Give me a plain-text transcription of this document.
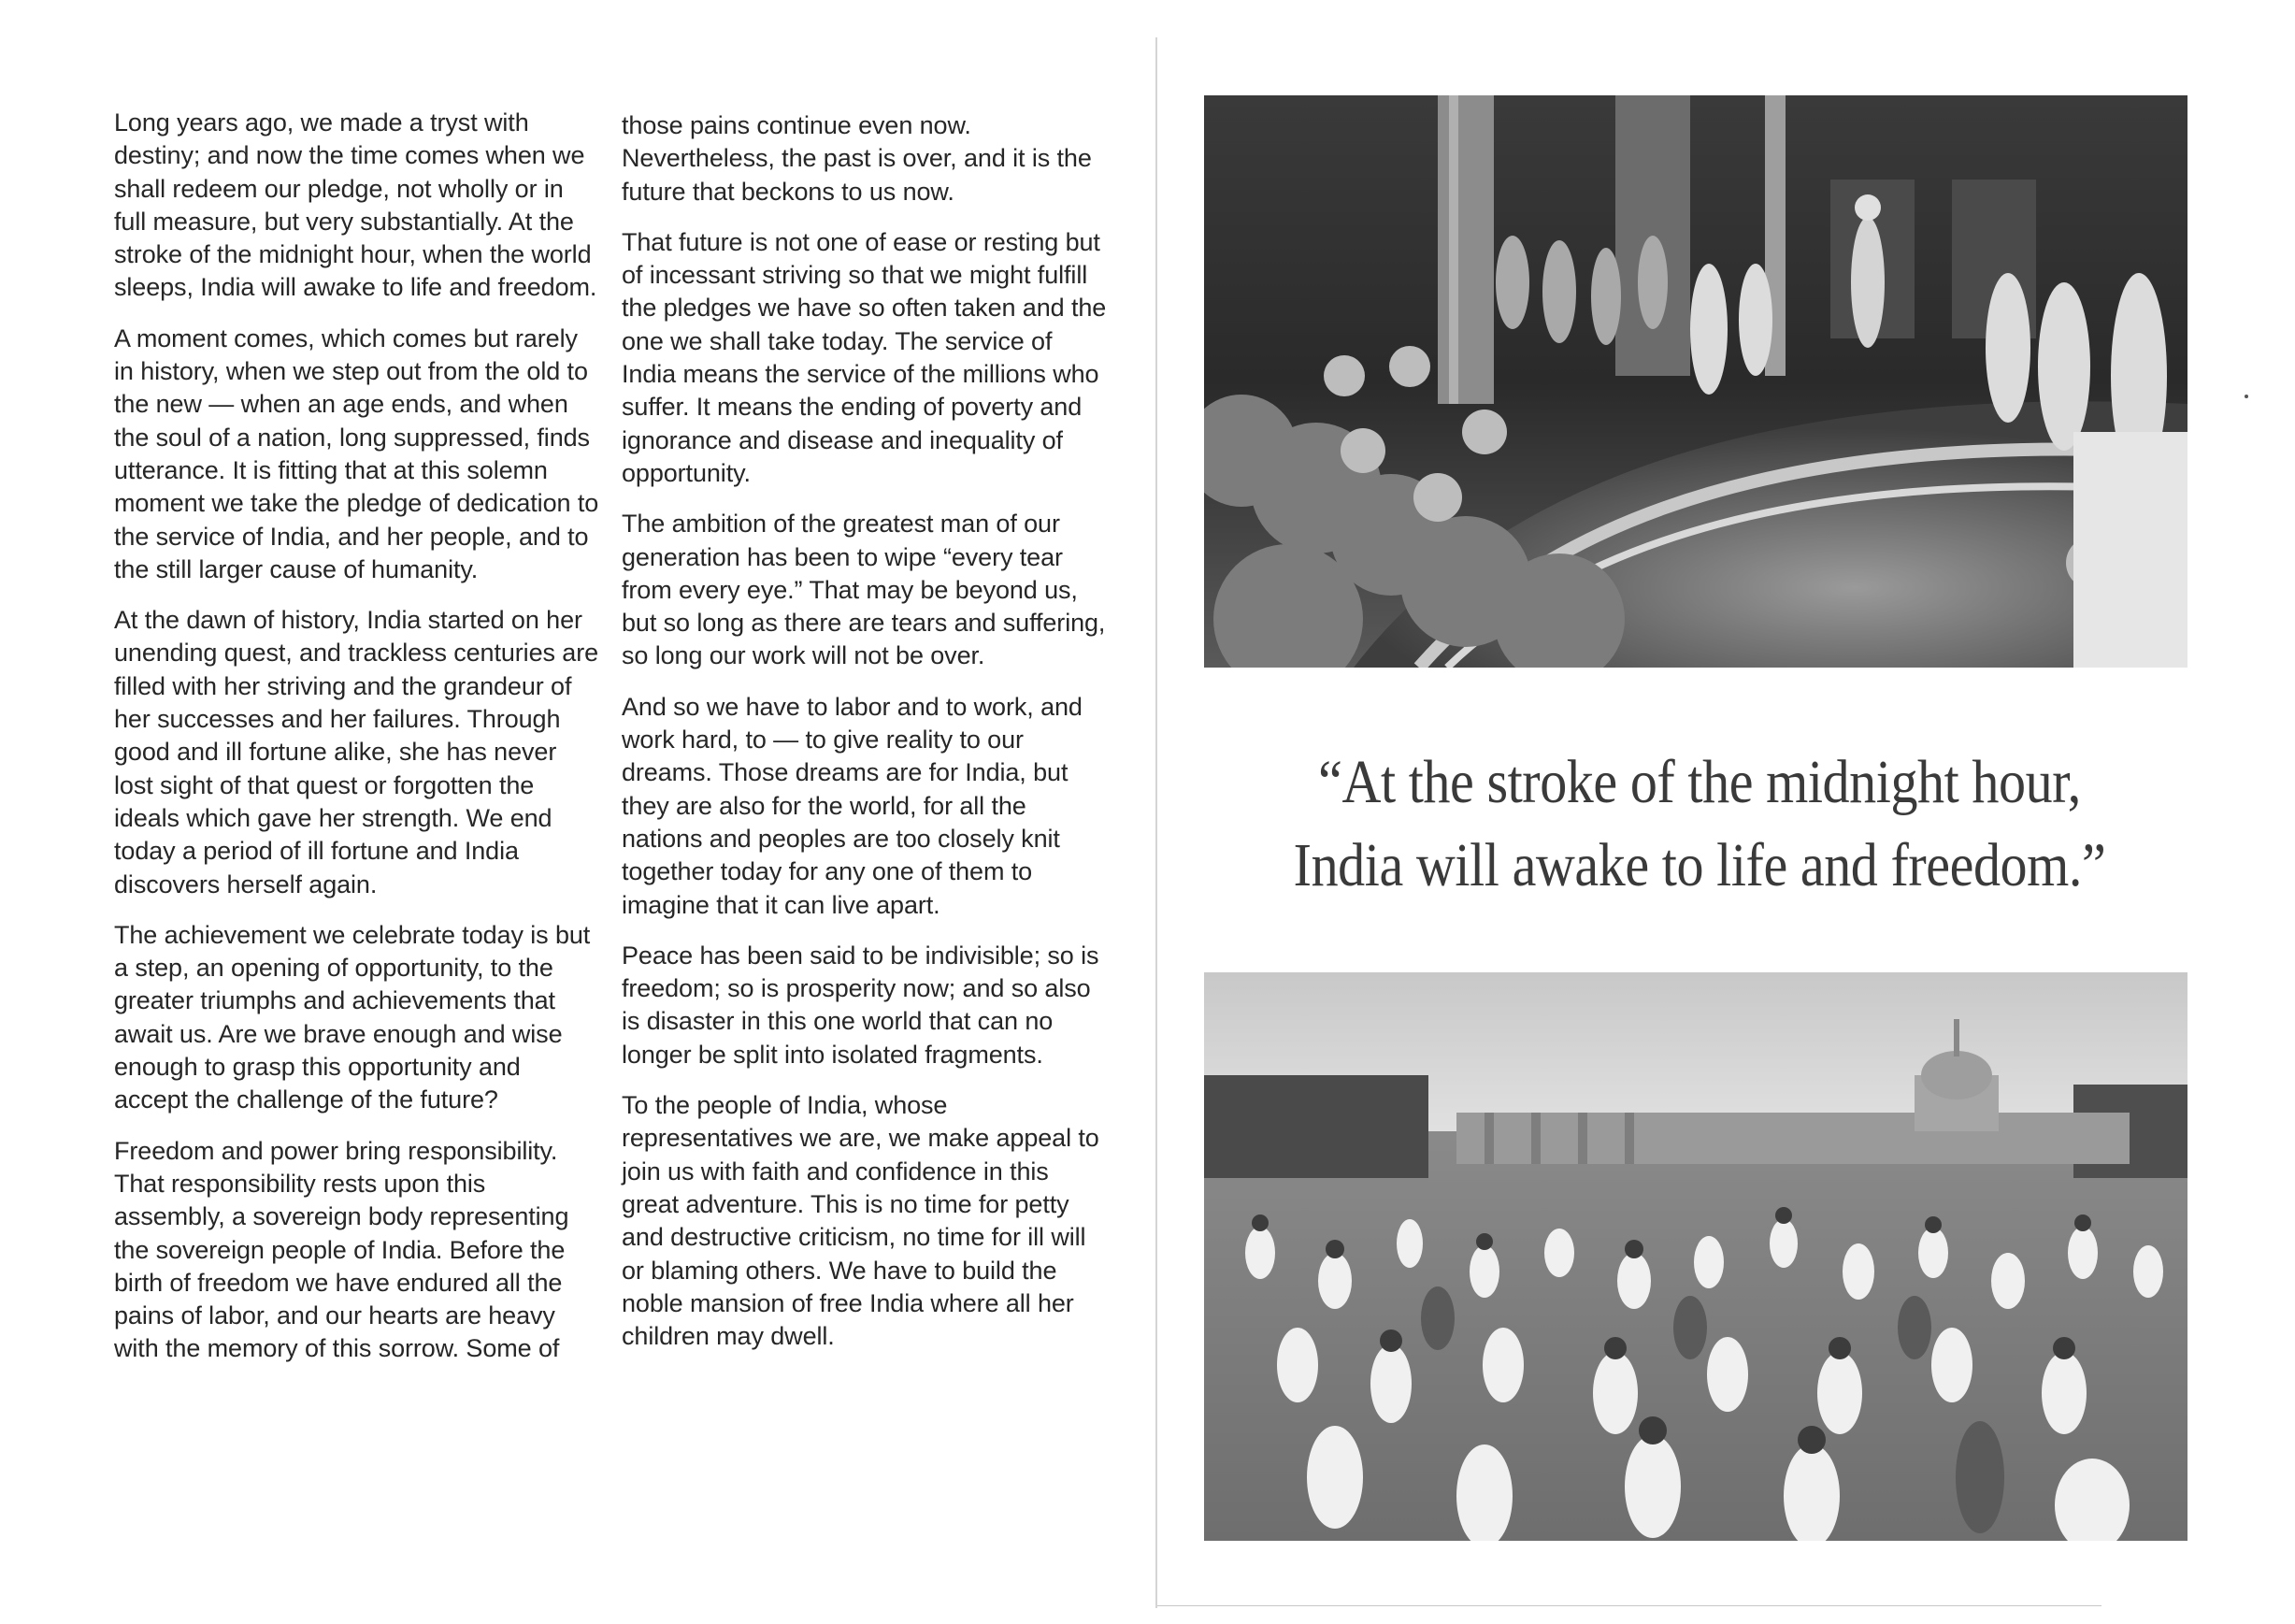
Long years ago, we made a tryst with destiny; and now the time comes when we shall redeem our pledge, not wholly or in full measure, but very substantially. At the stroke of the midnight hour, when the world sleeps, India will awake to life and freedom.

A moment comes, which comes but rarely in history, when we step out from the old to the new — when an age ends, and when the soul of a nation, long suppressed, finds utterance. It is fitting that at this solemn moment we take the pledge of dedication to the service of India, and her people, and to the still larger cause of humanity.

At the dawn of history, India started on her unending quest, and trackless centuries are filled with her striving and the grandeur of her successes and her failures. Through good and ill fortune alike, she has never lost sight of that quest or forgotten the ideals which gave her strength. We end today a period of ill fortune and India discovers herself again.

The achievement we celebrate today is but a step, an opening of opportunity, to the greater triumphs and achievements that await us. Are we brave enough and wise enough to grasp this opportunity and accept the challenge of the future?

Freedom and power bring responsibility. That responsibility rests upon this assembly, a sovereign body representing the sovereign people of India. Before the birth of freedom we have endured all the pains of labor, and our hearts are heavy with the memory of this sorrow. Some of

those pains continue even now. Nevertheless, the past is over, and it is the future that beckons to us now.

That future is not one of ease or resting but of incessant striving so that we might fulfill the pledges we have so often taken and the one we shall take today. The service of India means the service of the millions who suffer. It means the ending of poverty and ignorance and disease and inequality of opportunity.

The ambition of the greatest man of our generation has been to wipe “every tear from every eye.” That may be beyond us, but so long as there are tears and suffering, so long our work will not be over.

And so we have to labor and to work, and work hard, to — to give reality to our dreams. Those dreams are for India, but they are also for the world, for all the nations and peoples are too closely knit together today for any one of them to imagine that it can live apart.

Peace has been said to be indivisible; so is freedom; so is prosperity now; and so also is disaster in this one world that can no longer be split into isolated fragments.

To the people of India, whose representatives we are, we make appeal to join us with faith and confidence in this great adventure. This is no time for petty and destructive criticism, no time for ill will or blaming others. We have to build the noble mansion of free India where all her children may dwell.

“At the stroke of the midnight hour,
India will awake to life and freedom.”
